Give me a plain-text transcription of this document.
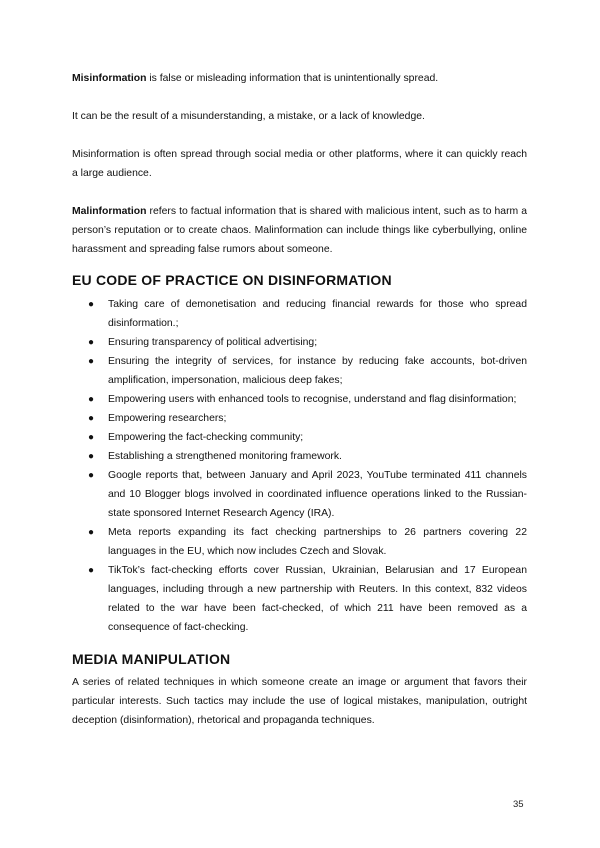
Misinformation is false or misleading information that is unintentionally spread.

It can be the result of a misunderstanding, a mistake, or a lack of knowledge.

Misinformation is often spread through social media or other platforms, where it can quickly reach a large audience.

Malinformation refers to factual information that is shared with malicious intent, such as to harm a person’s reputation or to create chaos. Malinformation can include things like cyberbullying, online harassment and spreading false rumors about someone.

EU CODE OF PRACTICE ON DISINFORMATION
● Taking care of demonetisation and reducing financial rewards for those who spread disinformation.;
● Ensuring transparency of political advertising;
● Ensuring the integrity of services, for instance by reducing fake accounts, bot-driven amplification, impersonation, malicious deep fakes;
● Empowering users with enhanced tools to recognise, understand and flag disinformation;
● Empowering researchers;
● Empowering the fact-checking community;
● Establishing a strengthened monitoring framework.
● Google reports that, between January and April 2023, YouTube terminated 411 channels and 10 Blogger blogs involved in coordinated influence operations linked to the Russian-state sponsored Internet Research Agency (IRA).
● Meta reports expanding its fact checking partnerships to 26 partners covering 22 languages in the EU, which now includes Czech and Slovak.
● TikTok’s fact-checking efforts cover Russian, Ukrainian, Belarusian and 17 European languages, including through a new partnership with Reuters. In this context, 832 videos related to the war have been fact-checked, of which 211 have been removed as a consequence of fact-checking.
MEDIA MANIPULATION

A series of related techniques in which someone create an image or argument that favors their particular interests. Such tactics may include the use of logical mistakes, manipulation, outright deception (disinformation), rhetorical and propaganda techniques.

35
